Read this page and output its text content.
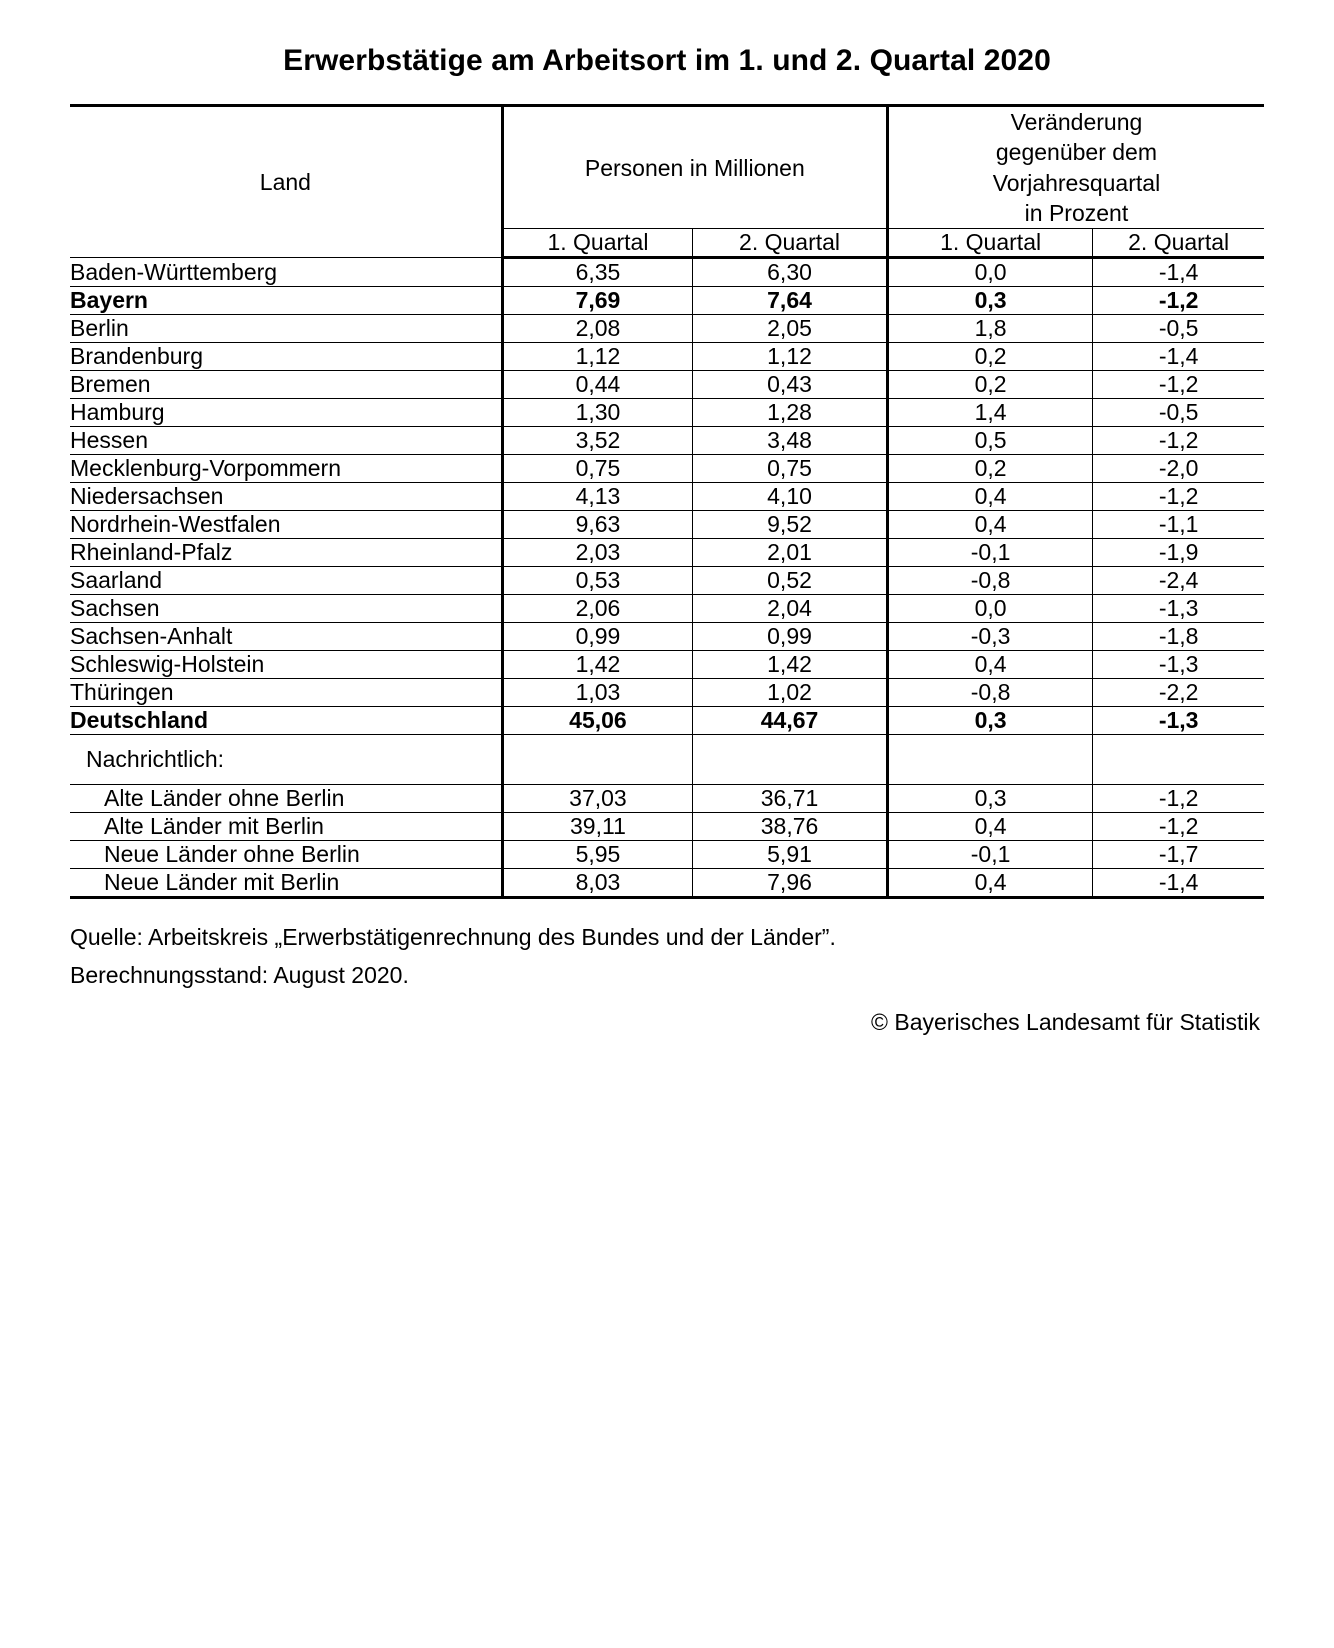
Erwerbstätige am Arbeitsort im 1. und 2. Quartal 2020
Land	Personen in Millionen		Veränderung
gegenüber dem
Vorjahresquartal
in Prozent	

	1. Quartal	2. Quartal	1. Quartal	2. Quartal
Baden-Württemberg	6,35	6,30	0,0	-1,4
Bayern	7,69	7,64	0,3	-1,2
Berlin	2,08	2,05	1,8	-0,5
Brandenburg	1,12	1,12	0,2	-1,4
Bremen	0,44	0,43	0,2	-1,2
Hamburg	1,30	1,28	1,4	-0,5
Hessen	3,52	3,48	0,5	-1,2
Mecklenburg-Vorpommern	0,75	0,75	0,2	-2,0
Niedersachsen	4,13	4,10	0,4	-1,2
Nordrhein-Westfalen	9,63	9,52	0,4	-1,1
Rheinland-Pfalz	2,03	2,01	-0,1	-1,9
Saarland	0,53	0,52	-0,8	-2,4
Sachsen	2,06	2,04	0,0	-1,3
Sachsen-Anhalt	0,99	0,99	-0,3	-1,8
Schleswig-Holstein	1,42	1,42	0,4	-1,3
Thüringen	1,03	1,02	-0,8	-2,2
Deutschland	45,06	44,67	0,3	-1,3
Nachrichtlich:				
Alte Länder ohne Berlin	37,03	36,71	0,3	-1,2
Alte Länder mit Berlin	39,11	38,76	0,4	-1,2
Neue Länder ohne Berlin	5,95	5,91	-0,1	-1,7
Neue Länder mit Berlin	8,03	7,96	0,4	-1,4
Quelle: Arbeitskreis „Erwerbstätigenrechnung des Bundes und der Länder”.
Berechnungsstand: August 2020.
© Bayerisches Landesamt für Statistik
